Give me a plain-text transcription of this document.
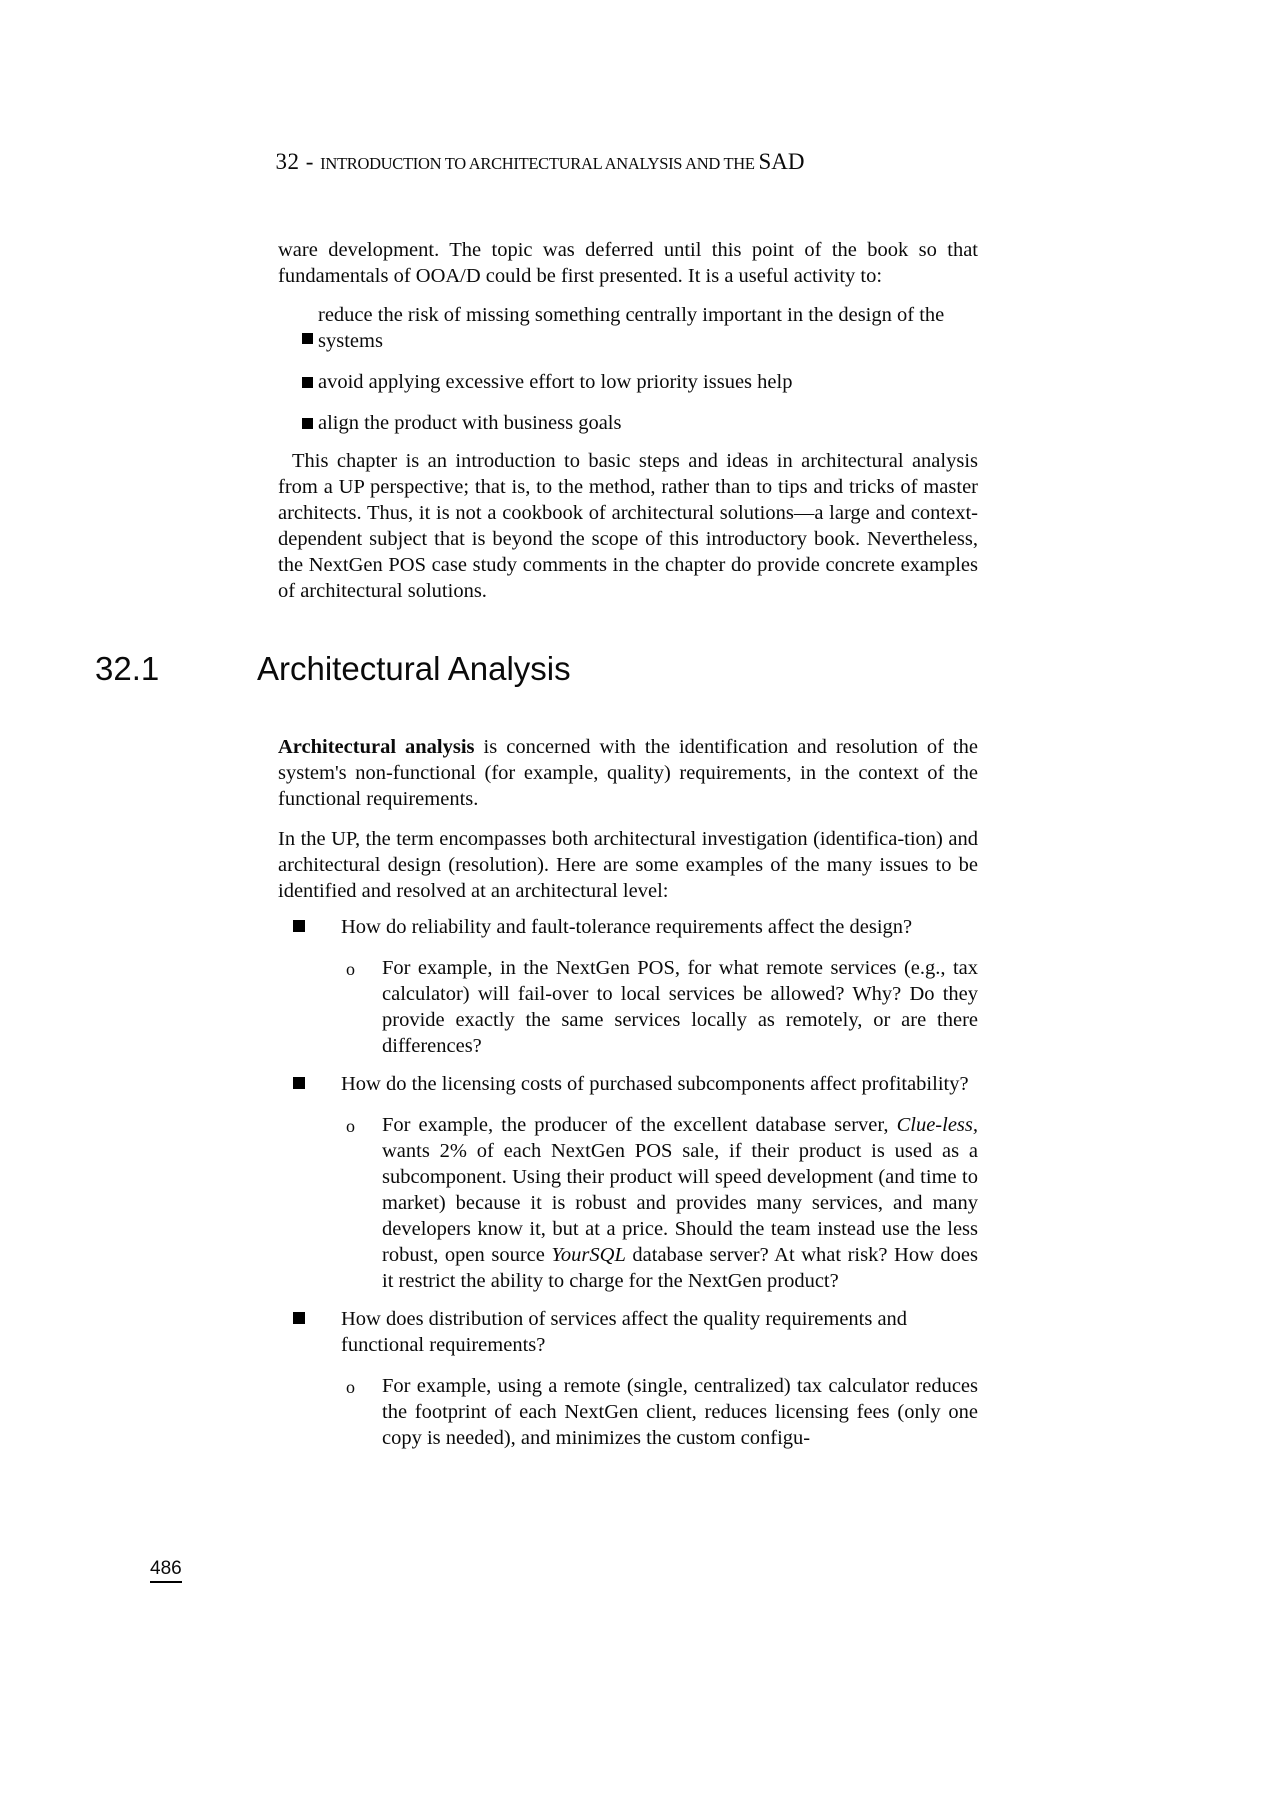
32 - INTRODUCTION TO ARCHITECTURAL ANALYSIS AND THE SAD

ware development. The topic was deferred until this point of the book so that fundamentals of OOA/D could be first presented. It is a useful activity to:

reduce the risk of missing something centrally important in the design of the systems
avoid applying excessive effort to low priority issues help
align the product with business goals

This chapter is an introduction to basic steps and ideas in architectural analysis from a UP perspective; that is, to the method, rather than to tips and tricks of master architects. Thus, it is not a cookbook of architectural solutions—a large and context-dependent subject that is beyond the scope of this introductory book. Nevertheless, the NextGen POS case study comments in the chapter do provide concrete examples of architectural solutions.

32.1	Architectural Analysis

Architectural analysis is concerned with the identification and resolution of the system's non-functional (for example, quality) requirements, in the context of the functional requirements.

In the UP, the term encompasses both architectural investigation (identifica-tion) and architectural design (resolution). Here are some examples of the many issues to be identified and resolved at an architectural level:

How do reliability and fault-tolerance requirements affect the design?
o For example, in the NextGen POS, for what remote services (e.g., tax calculator) will fail-over to local services be allowed? Why? Do they provide exactly the same services locally as remotely, or are there differences?
How do the licensing costs of purchased subcomponents affect profitability?
o For example, the producer of the excellent database server, Clue-less, wants 2% of each NextGen POS sale, if their product is used as a subcomponent. Using their product will speed development (and time to market) because it is robust and provides many services, and many developers know it, but at a price. Should the team instead use the less robust, open source YourSQL database server? At what risk? How does it restrict the ability to charge for the NextGen product?
How does distribution of services affect the quality requirements and functional requirements?
o For example, using a remote (single, centralized) tax calculator reduces the footprint of each NextGen client, reduces licensing fees (only one copy is needed), and minimizes the custom configu-
486
